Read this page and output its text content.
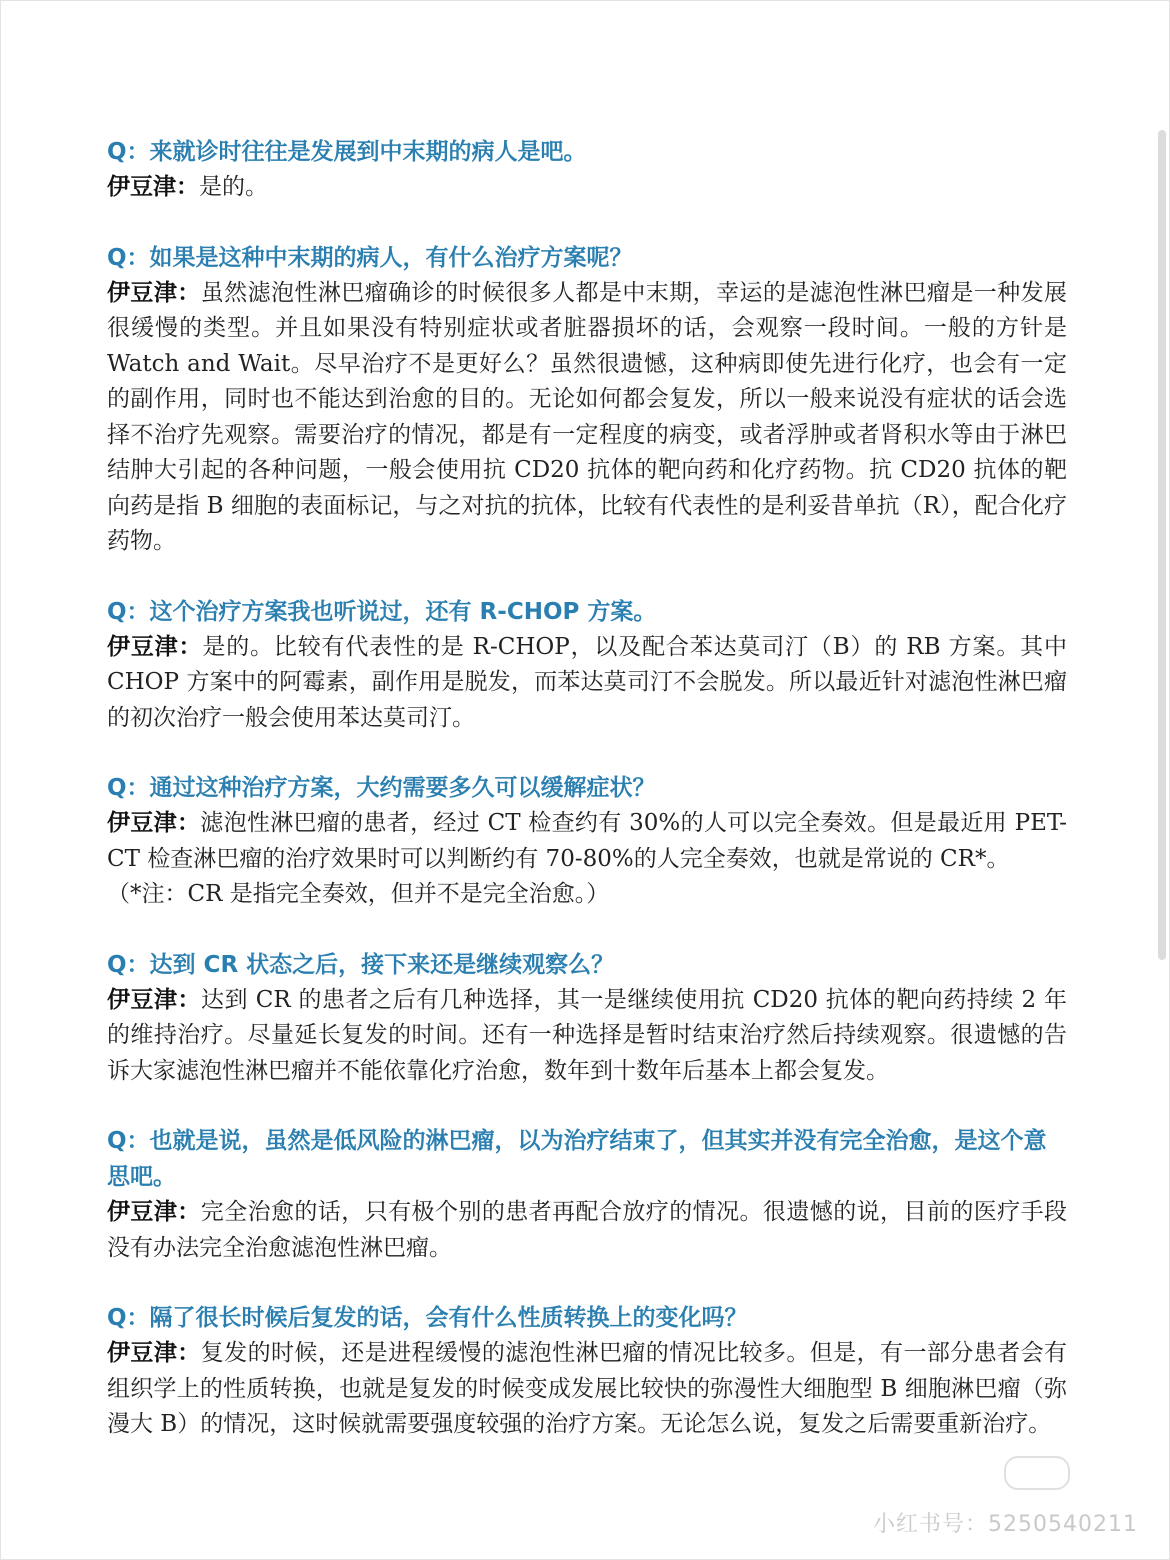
Q：来就诊时往往是发展到中末期的病人是吧。

伊豆津：是的。

Q：如果是这种中末期的病人，有什么治疗方案呢？

伊豆津：虽然滤泡性淋巴瘤确诊的时候很多人都是中末期，幸运的是滤泡性淋巴瘤是一种发展很缓慢的类型。并且如果没有特别症状或者脏器损坏的话，会观察一段时间。一般的方针是 Watch and Wait。尽早治疗不是更好么？虽然很遗憾，这种病即使先进行化疗，也会有一定的副作用，同时也不能达到治愈的目的。无论如何都会复发，所以一般来说没有症状的话会选择不治疗先观察。需要治疗的情况，都是有一定程度的病变，或者浮肿或者肾积水等由于淋巴结肿大引起的各种问题，一般会使用抗 CD20 抗体的靶向药和化疗药物。抗 CD20 抗体的靶向药是指 B 细胞的表面标记，与之对抗的抗体，比较有代表性的是利妥昔单抗（R），配合化疗药物。

Q：这个治疗方案我也听说过，还有 R-CHOP 方案。

伊豆津：是的。比较有代表性的是 R-CHOP，以及配合苯达莫司汀（B）的 RB 方案。其中 CHOP 方案中的阿霉素，副作用是脱发，而苯达莫司汀不会脱发。所以最近针对滤泡性淋巴瘤的初次治疗一般会使用苯达莫司汀。

Q：通过这种治疗方案，大约需要多久可以缓解症状？

伊豆津：滤泡性淋巴瘤的患者，经过 CT 检查约有 30%的人可以完全奏效。但是最近用 PET-CT 检查淋巴瘤的治疗效果时可以判断约有 70-80%的人完全奏效，也就是常说的 CR*。
（*注：CR 是指完全奏效，但并不是完全治愈。）

Q：达到 CR 状态之后，接下来还是继续观察么？

伊豆津：达到 CR 的患者之后有几种选择，其一是继续使用抗 CD20 抗体的靶向药持续 2 年的维持治疗。尽量延长复发的时间。还有一种选择是暂时结束治疗然后持续观察。很遗憾的告诉大家滤泡性淋巴瘤并不能依靠化疗治愈，数年到十数年后基本上都会复发。

Q：也就是说，虽然是低风险的淋巴瘤，以为治疗结束了，但其实并没有完全治愈，是这个意思吧。

伊豆津：完全治愈的话，只有极个别的患者再配合放疗的情况。很遗憾的说，目前的医疗手段没有办法完全治愈滤泡性淋巴瘤。

Q：隔了很长时候后复发的话，会有什么性质转换上的变化吗？

伊豆津：复发的时候，还是进程缓慢的滤泡性淋巴瘤的情况比较多。但是，有一部分患者会有组织学上的性质转换，也就是复发的时候变成发展比较快的弥漫性大细胞型 B 细胞淋巴瘤（弥漫大 B）的情况，这时候就需要强度较强的治疗方案。无论怎么说，复发之后需要重新治疗。

小红书号：5250540211
